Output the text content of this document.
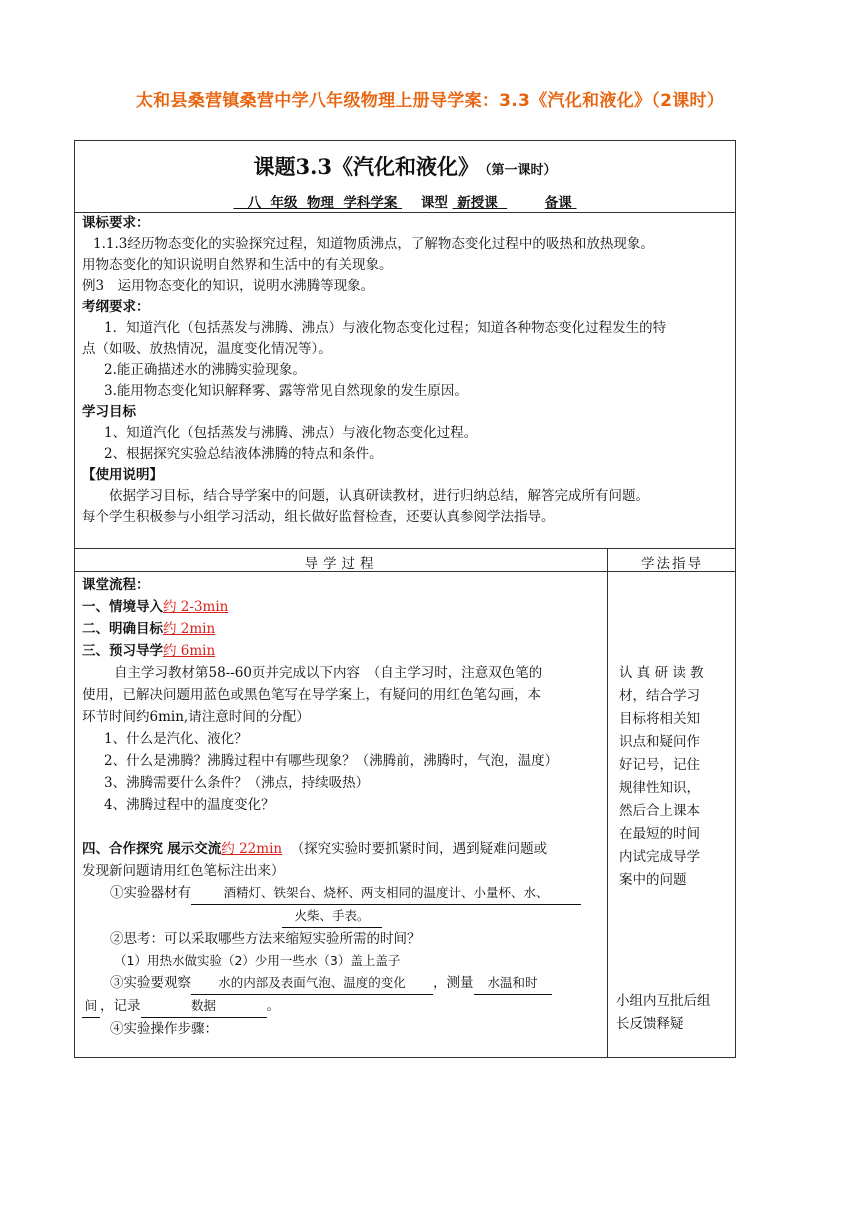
太和县桑营镇桑营中学八年级物理上册导学案：3.3《汽化和液化》（2课时）
课题3.3《汽化和液化》 （第一课时）
八 年级 物理 学科学案 课型 新授课	备课

课标要求：

1.1.3经历物态变化的实验探究过程，知道物质沸点，了解物态变化过程中的吸热和放热现象。

用物态变化的知识说明自然界和生活中的有关现象。

例3　运用物态变化的知识，说明水沸腾等现象。

考纲要求：

1．知道汽化（包括蒸发与沸腾、沸点）与液化物态变化过程；知道各种物态变化过程发生的特

点（如吸、放热情况，温度变化情况等）。

2.能正确描述水的沸腾实验现象。

3.能用物态变化知识解释雾、露等常见自然现象的发生原因。

学习目标

1、知道汽化（包括蒸发与沸腾、沸点）与液化物态变化过程。

2、根据探究实验总结液体沸腾的特点和条件。

【使用说明】

依据学习目标，结合导学案中的问题，认真研读教材，进行归纳总结，解答完成所有问题。

每个学生积极参与小组学习活动，组长做好监督检查，还要认真参阅学法指导。

导学过程	学法指导

课堂流程：

一、情境导入约 2-3min

二、明确目标约 2min

三、预习导学约 6min

自主学习教材第58--60页并完成以下内容　（自主学习时，注意双色笔的

使用，已解决问题用蓝色或黑色笔写在导学案上，有疑问的用红色笔勾画，本

环节时间约6min,请注意时间的分配）

1、什么是汽化、液化？

2、什么是沸腾？沸腾过程中有哪些现象？（沸腾前，沸腾时，气泡，温度）

3、沸腾需要什么条件？（沸点，持续吸热）

4、沸腾过程中的温度变化？

四、合作探究 展示交流约 22min （探究实验时要抓紧时间，遇到疑难问题或

发现新问题请用红色笔标注出来）

①实验器材有	酒精灯、铁架台、烧杯、两支相同的温度计、小量杯、水、

火柴、手表。

②思考：可以采取哪些方法来缩短实验所需的时间？

（1）用热水做实验（2）少用一些水（3）盖上盖子

③实验要观察 水的内部及表面气泡、温度的变化 ，测量 水温和时

间 ，记录	数据	。

④实验操作步骤：

认 真 研 读 教

材，结合学习

目标将相关知

识点和疑问作

好记号，记住

规律性知识，

然后合上课本

在最短的时间

内试完成导学

案中的问题

小组内互批后组

长反馈释疑
